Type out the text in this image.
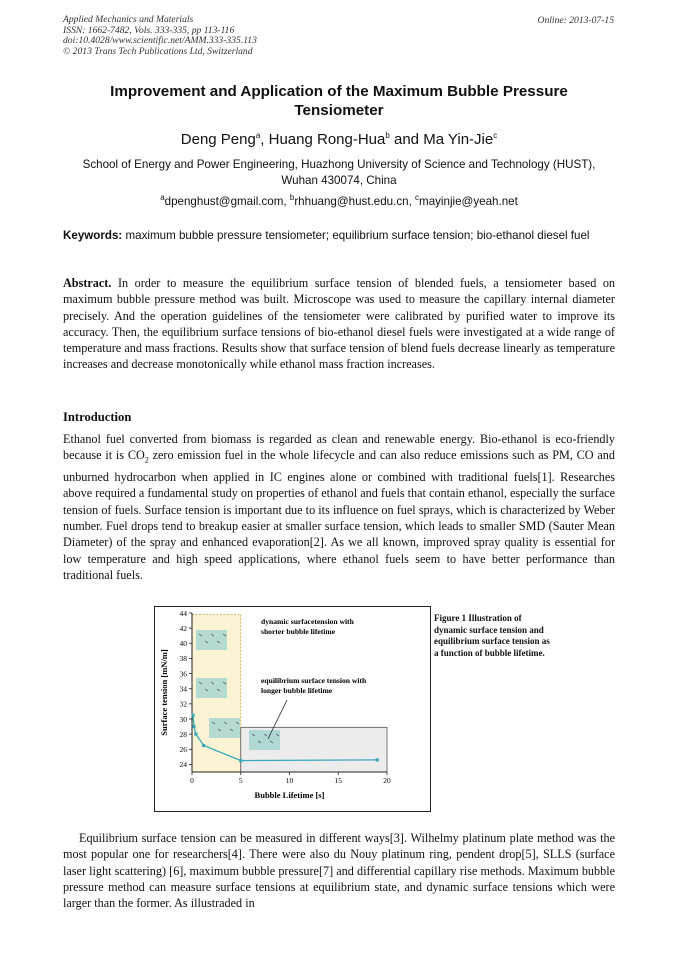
Applied Mechanics and Materials
ISSN: 1662-7482, Vols. 333-335, pp 113-116
doi:10.4028/www.scientific.net/AMM.333-335.113
© 2013 Trans Tech Publications Ltd, Switzerland
Online: 2013-07-15
Improvement and Application of the Maximum Bubble Pressure Tensiometer
Deng Peng$^a$, Huang Rong-Hua$^b$ and Ma Yin-Jie$^c$
School of Energy and Power Engineering, Huazhong University of Science and Technology (HUST), Wuhan 430074, China
$^a$dpenghust@gmail.com, $^b$rhhuang@hust.edu.cn, $^c$mayinjie@yeah.net
Keywords: maximum bubble pressure tensiometer; equilibrium surface tension; bio-ethanol diesel fuel
Abstract. In order to measure the equilibrium surface tension of blended fuels, a tensiometer based on maximum bubble pressure method was built. Microscope was used to measure the capillary internal diameter precisely. And the operation guidelines of the tensiometer were calibrated by purified water to improve its accuracy. Then, the equilibrium surface tensions of bio-ethanol diesel fuels were investigated at a wide range of temperature and mass fractions. Results show that surface tension of blend fuels decrease linearly as temperature increases and decrease monotonically while ethanol mass fraction increases.
Introduction
Ethanol fuel converted from biomass is regarded as clean and renewable energy. Bio-ethanol is eco-friendly because it is $CO_2$ zero emission fuel in the whole lifecycle and can also reduce emissions such as PM, CO and unburned hydrocarbon when applied in IC engines alone or combined with traditional fuels[1]. Researches above required a fundamental study on properties of ethanol and fuels that contain ethanol, especially the surface tension of fuels. Surface tension is important due to its influence on fuel sprays, which is characterized by Weber number. Fuel drops tend to breakup easier at smaller surface tension, which leads to smaller SMD (Sauter Mean Diameter) of the spray and enhanced evaporation[2]. As we all known, improved spray quality is essential for low temperature and high speed applications, where ethanol fuels seem to have better performance than traditional fuels.
24
26
28
30
32
34
36
38
40
42
44
0	5	10	15	20
Surface tension [mN/m]
Bubble Lifetime [s]
dynamic surfacetension with shorter bubble lifetime
equilibrium surface tension with longer bubble lifetime
Figure 1 Illustration of dynamic surface tension and equilibrium surface tension as a function of bubble lifetime.
Equilibrium surface tension can be measured in different ways[3]. Wilhelmy platinum plate method was the most popular one for researchers[4]. There were also du Nouy platinum ring, pendent drop[5], SLLS (surface laser light scattering) [6], maximum bubble pressure[7] and differential capillary rise methods. Maximum bubble pressure method can measure surface tensions at equilibrium state, and dynamic surface tensions which were larger than the former. As illustraded in
